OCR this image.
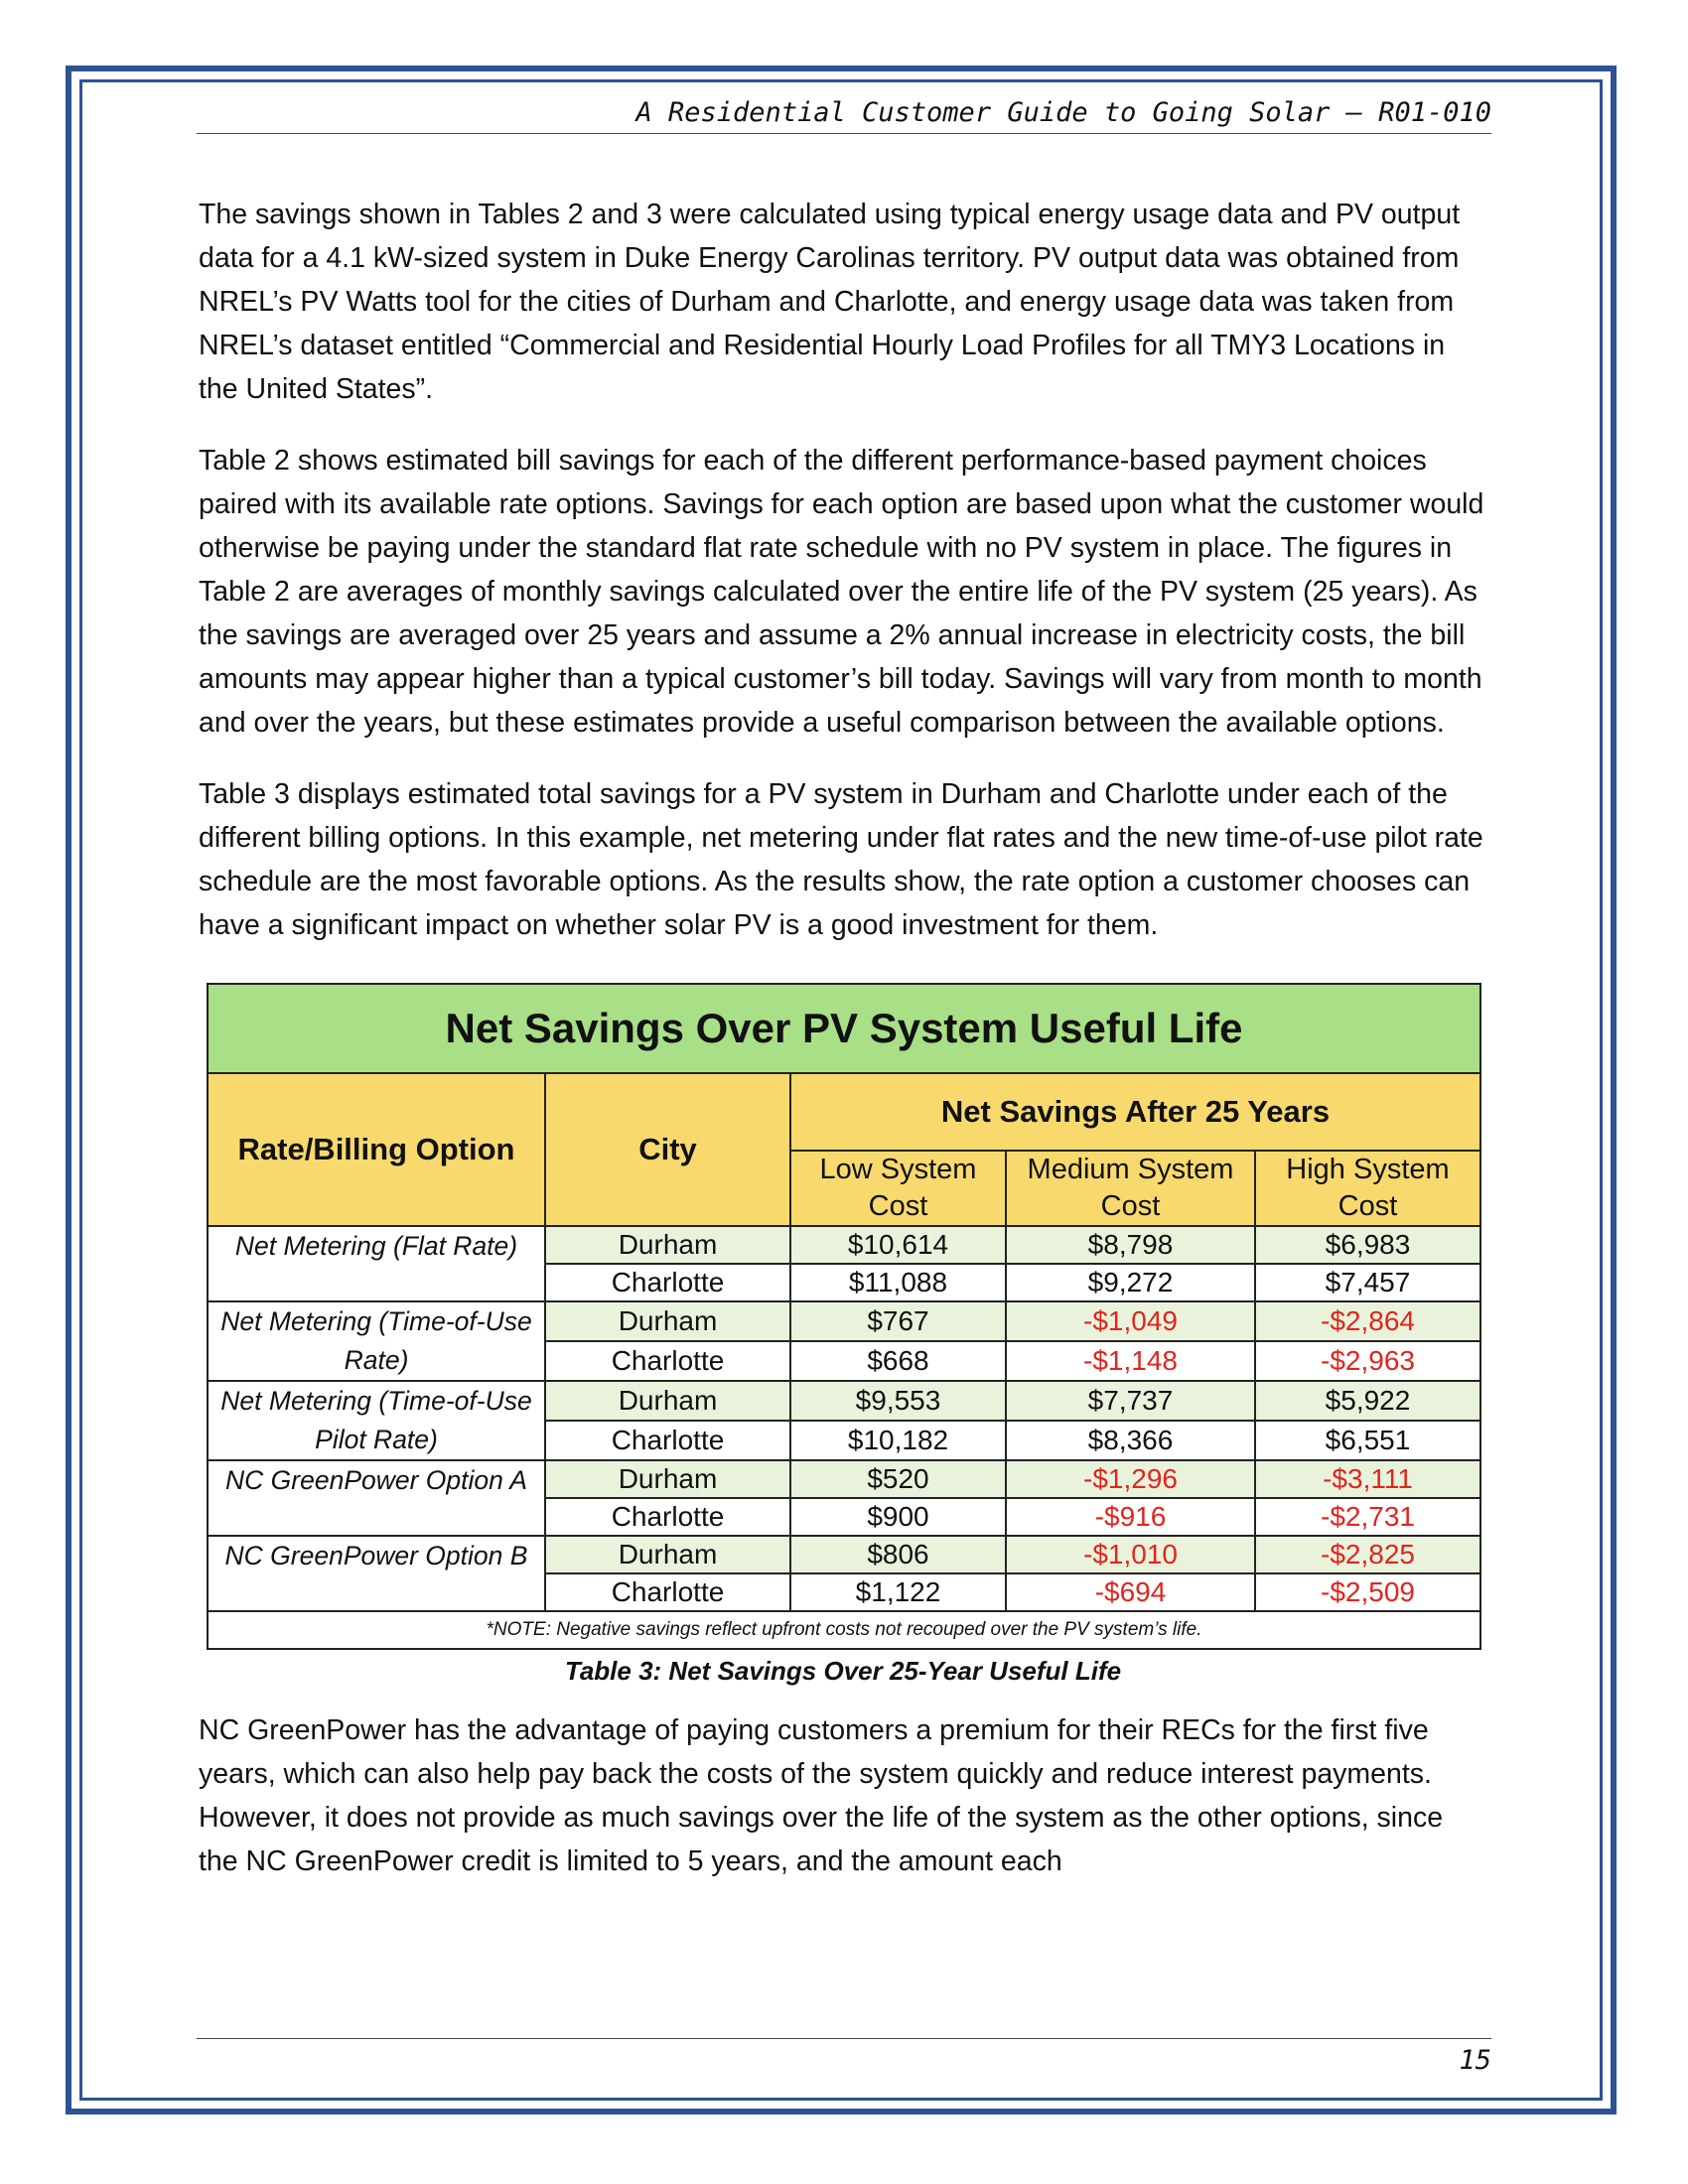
A Residential Customer Guide to Going Solar – R01-010

The savings shown in Tables 2 and 3 were calculated using typical energy usage data and PV output data for a 4.1 kW-sized system in Duke Energy Carolinas territory. PV output data was obtained from NREL’s PV Watts tool for the cities of Durham and Charlotte, and energy usage data was taken from NREL’s dataset entitled “Commercial and Residential Hourly Load Profiles for all TMY3 Locations in the United States”.

Table 2 shows estimated bill savings for each of the different performance-based payment choices paired with its available rate options. Savings for each option are based upon what the customer would otherwise be paying under the standard flat rate schedule with no PV system in place. The figures in Table 2 are averages of monthly savings calculated over the entire life of the PV system (25 years). As the savings are averaged over 25 years and assume a 2% annual increase in electricity costs, the bill amounts may appear higher than a typical customer’s bill today. Savings will vary from month to month and over the years, but these estimates provide a useful comparison between the available options.

Table 3 displays estimated total savings for a PV system in Durham and Charlotte under each of the different billing options. In this example, net metering under flat rates and the new time-of-use pilot rate schedule are the most favorable options. As the results show, the rate option a customer chooses can have a significant impact on whether solar PV is a good investment for them.

Net Savings Over PV System Useful Life				
Rate/Billing Option	City	Net Savings After 25 Years		
		Low System Cost	Medium System Cost	High System Cost
Net Metering (Flat Rate)	Durham	$10,614	$8,798	$6,983
	Charlotte	$11,088	$9,272	$7,457
Net Metering (Time-of-Use Rate)	Durham	$767	-$1,049	-$2,864
	Charlotte	$668	-$1,148	-$2,963
Net Metering (Time-of-Use Pilot Rate)	Durham	$9,553	$7,737	$5,922
	Charlotte	$10,182	$8,366	$6,551
NC GreenPower Option A	Durham	$520	-$1,296	-$3,111
	Charlotte	$900	-$916	-$2,731
NC GreenPower Option B	Durham	$806	-$1,010	-$2,825
	Charlotte	$1,122	-$694	-$2,509
*NOTE: Negative savings reflect upfront costs not recouped over the PV system’s life.				

Table 3: Net Savings Over 25-Year Useful Life

NC GreenPower has the advantage of paying customers a premium for their RECs for the first five years, which can also help pay back the costs of the system quickly and reduce interest payments. However, it does not provide as much savings over the life of the system as the other options, since the NC GreenPower credit is limited to 5 years, and the amount each

15
